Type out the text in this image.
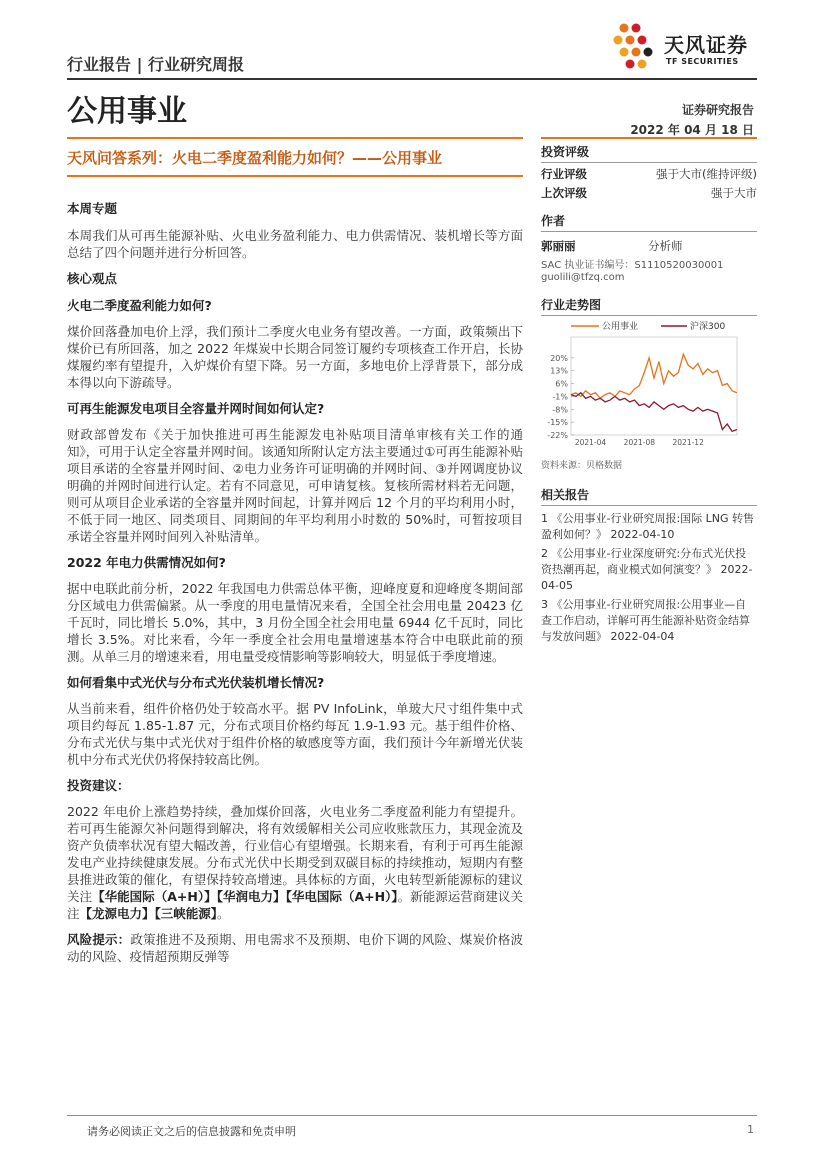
行业报告 | 行业研究周报
公用事业
天风证券
TF SECURITIES
证券研究报告
2022 年 04 月 18 日
天风问答系列：火电二季度盈利能力如何？——公用事业
本周专题

本周我们从可再生能源补贴、火电业务盈利能力、电力供需情况、装机增长等方面总结了四个问题并进行分析回答。

核心观点
火电二季度盈利能力如何?

煤价回落叠加电价上浮，我们预计二季度火电业务有望改善。一方面，政策频出下煤价已有所回落，加之 2022 年煤炭中长期合同签订履约专项核查工作开启，长协煤履约率有望提升，入炉煤价有望下降。另一方面，多地电价上浮背景下，部分成本得以向下游疏导。

可再生能源发电项目全容量并网时间如何认定?

财政部曾发布《关于加快推进可再生能源发电补贴项目清单审核有关工作的通知》，可用于认定全容量并网时间。该通知所附认定方法主要通过①可再生能源补贴项目承诺的全容量并网时间、②电力业务许可证明确的并网时间、③并网调度协议明确的并网时间进行认定。若有不同意见，可申请复核。复核所需材料若无问题，则可从项目企业承诺的全容量并网时间起，计算并网后 12 个月的平均利用小时，不低于同一地区、同类项目、同期间的年平均利用小时数的 50%时，可暂按项目承诺全容量并网时间列入补贴清单。

2022 年电力供需情况如何?

据中电联此前分析，2022 年我国电力供需总体平衡，迎峰度夏和迎峰度冬期间部分区域电力供需偏紧。从一季度的用电量情况来看，全国全社会用电量 20423 亿千瓦时，同比增长 5.0%，其中，3 月份全国全社会用电量 6944 亿千瓦时，同比增长 3.5%。对比来看，今年一季度全社会用电量增速基本符合中电联此前的预测。从单三月的增速来看，用电量受疫情影响等影响较大，明显低于季度增速。

如何看集中式光伏与分布式光伏装机增长情况?

从当前来看，组件价格仍处于较高水平。据 PV InfoLink，单玻大尺寸组件集中式项目约每瓦 1.85-1.87 元，分布式项目价格约每瓦 1.9-1.93 元。基于组件价格、分布式光伏与集中式光伏对于组件价格的敏感度等方面，我们预计今年新增光伏装机中分布式光伏仍将保持较高比例。

投资建议：

2022 年电价上涨趋势持续，叠加煤价回落，火电业务二季度盈利能力有望提升。若可再生能源欠补问题得到解决，将有效缓解相关公司应收账款压力，其现金流及资产负债率状况有望大幅改善，行业信心有望增强。长期来看，有利于可再生能源发电产业持续健康发展。分布式光伏中长期受到双碳目标的持续推动，短期内有整县推进政策的催化，有望保持较高增速。具体标的方面，火电转型新能源标的建议关注【华能国际（A+H）】【华润电力】【华电国际（A+H）】。新能源运营商建议关注【龙源电力】【三峡能源】。

风险提示：政策推进不及预期、用电需求不及预期、电价下调的风险、煤炭价格波动的风险、疫情超预期反弹等

投资评级
行业评级	强于大市(维持评级)
上次评级	强于大市
作者
郭丽丽	分析师
SAC 执业证书编号：S1110520030001
guolili@tfzq.com
行业走势图
公用事业	沪深300
20%
13%
6%
-1%
-8%
-15%
-22%
2021-04 2021-08 2021-12
资料来源：贝格数据
相关报告
1 《公用事业-行业研究周报:国际 LNG 转售盈利如何？》 2022-04-10
2 《公用事业-行业深度研究:分布式光伏投资热潮再起，商业模式如何演变？》 2022-04-05
3 《公用事业-行业研究周报:公用事业—自查工作启动，详解可再生能源补贴资金结算与发放问题》 2022-04-04
请务必阅读正文之后的信息披露和免责申明	1
